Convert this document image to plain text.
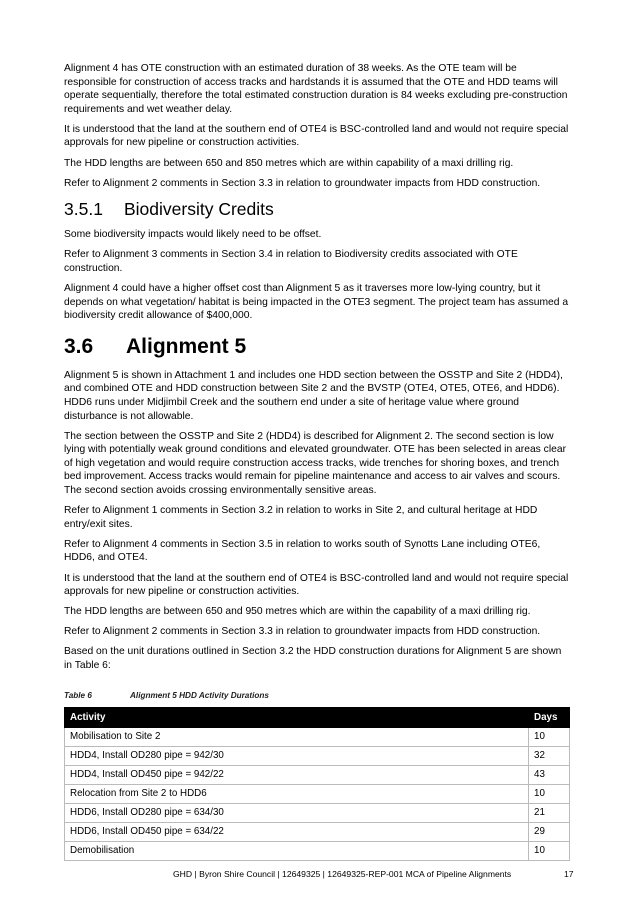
Alignment 4 has OTE construction with an estimated duration of 38 weeks. As the OTE team will be responsible for construction of access tracks and hardstands it is assumed that the OTE and HDD teams will operate sequentially, therefore the total estimated construction duration is 84 weeks excluding pre-construction requirements and wet weather delay.

It is understood that the land at the southern end of OTE4 is BSC-controlled land and would not require special approvals for new pipeline or construction activities.

The HDD lengths are between 650 and 850 metres which are within capability of a maxi drilling rig.

Refer to Alignment 2 comments in Section 3.3 in relation to groundwater impacts from HDD construction.

3.5.1 Biodiversity Credits

Some biodiversity impacts would likely need to be offset.

Refer to Alignment 3 comments in Section 3.4 in relation to Biodiversity credits associated with OTE construction.

Alignment 4 could have a higher offset cost than Alignment 5 as it traverses more low-lying country, but it depends on what vegetation/ habitat is being impacted in the OTE3 segment. The project team has assumed a biodiversity credit allowance of $400,000.

3.6 Alignment 5

Alignment 5 is shown in Attachment 1 and includes one HDD section between the OSSTP and Site 2 (HDD4), and combined OTE and HDD construction between Site 2 and the BVSTP (OTE4, OTE5, OTE6, and HDD6). HDD6 runs under Midjimbil Creek and the southern end under a site of heritage value where ground disturbance is not allowable.

The section between the OSSTP and Site 2 (HDD4) is described for Alignment 2. The second section is low lying with potentially weak ground conditions and elevated groundwater. OTE has been selected in areas clear of high vegetation and would require construction access tracks, wide trenches for shoring boxes, and trench bed improvement. Access tracks would remain for pipeline maintenance and access to air valves and scours. The second section avoids crossing environmentally sensitive areas.

Refer to Alignment 1 comments in Section 3.2 in relation to works in Site 2, and cultural heritage at HDD entry/exit sites.

Refer to Alignment 4 comments in Section 3.5 in relation to works south of Synotts Lane including OTE6, HDD6, and OTE4.

It is understood that the land at the southern end of OTE4 is BSC-controlled land and would not require special approvals for new pipeline or construction activities.

The HDD lengths are between 650 and 950 metres which are within the capability of a maxi drilling rig.

Refer to Alignment 2 comments in Section 3.3 in relation to groundwater impacts from HDD construction.

Based on the unit durations outlined in Section 3.2 the HDD construction durations for Alignment 5 are shown in Table 6:

Table 6	Alignment 5 HDD Activity Durations
Activity	Days
Mobilisation to Site 2	10
HDD4, Install OD280 pipe = 942/30	32
HDD4, Install OD450 pipe = 942/22	43
Relocation from Site 2 to HDD6	10
HDD6, Install OD280 pipe = 634/30	21
HDD6, Install OD450 pipe = 634/22	29
Demobilisation	10
GHD | Byron Shire Council | 12649325 | 12649325-REP-001 MCA of Pipeline Alignments	17
